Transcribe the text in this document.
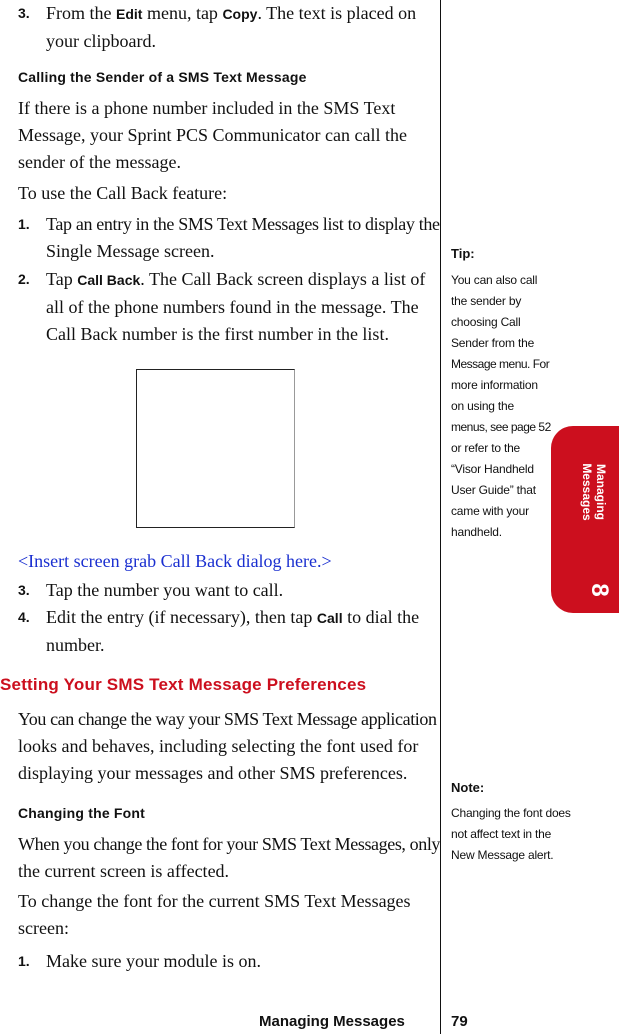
3. From the Edit menu, tap Copy. The text is placed on
your clipboard.
Calling the Sender of a SMS Text Message
If there is a phone number included in the SMS Text
Message, your Sprint PCS Communicator can call the
sender of the message.
To use the Call Back feature:
1. Tap an entry in the SMS Text Messages list to display the
Single Message screen.
2. Tap Call Back. The Call Back screen displays a list of
all of the phone numbers found in the message. The
Call Back number is the first number in the list.
<Insert screen grab Call Back dialog here.>
3. Tap the number you want to call.
4. Edit the entry (if necessary), then tap Call to dial the
number.
Setting Your SMS Text Message Preferences
You can change the way your SMS Text Message application
looks and behaves, including selecting the font used for
displaying your messages and other SMS preferences.
Changing the Font
When you change the font for your SMS Text Messages, only
the current screen is affected.
To change the font for the current SMS Text Messages
screen:
1. Make sure your module is on.
Tip:
You can also call
the sender by
choosing Call
Sender from the
Message menu. For
more information
on using the
menus, see page 52
or refer to the
“Visor Handheld
User Guide” that
came with your
handheld.
Note:
Changing the font does
not affect text in the
New Message alert.
Managing
Messages
8
Managing Messages	79
